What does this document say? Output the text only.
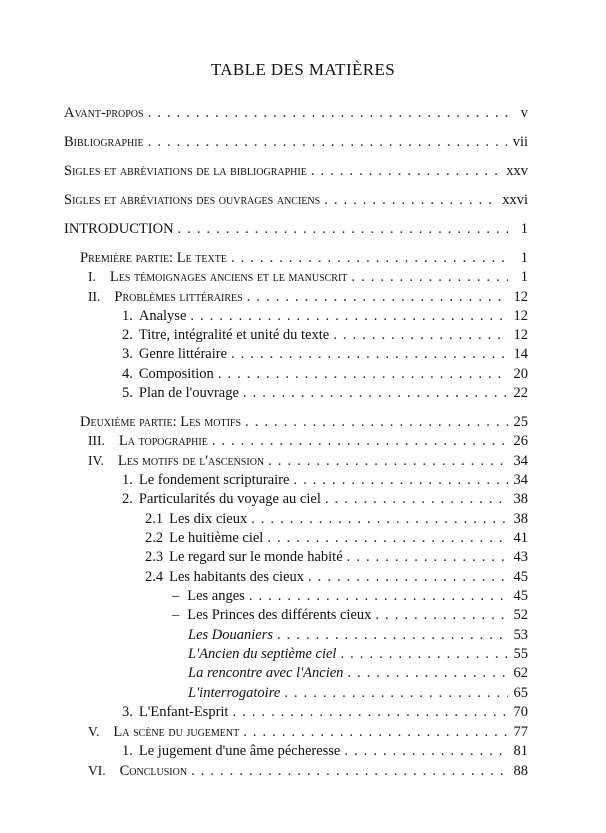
TABLE DES MATIÈRES
Avant-propos . . .	v
Bibliographie . . .	vii
Sigles et abréviations de la bibliographie . . .	xxv
Sigles et abréviations des ouvrages anciens . . .	xxvi
INTRODUCTION . . .	1
Première partie: Le texte . . .	1
I. Les témoignages anciens et le manuscrit . . .	1
II. Problèmes littéraires . . .	12
1. Analyse . . .	12
2. Titre, intégralité et unité du texte . . .	12
3. Genre littéraire . . .	14
4. Composition . . .	20
5. Plan de l'ouvrage . . .	22
Deuxième partie: Les motifs . . .	25
III. La topographie . . .	26
IV. Les motifs de l'ascension . . .	34
1. Le fondement scripturaire . . .	34
2. Particularités du voyage au ciel . . .	38
2.1 Les dix cieux . . .	38
2.2 Le huitième ciel . . .	41
2.3 Le regard sur le monde habité . . .	43
2.4 Les habitants des cieux . . .	45
– Les anges . . .	45
– Les Princes des différents cieux . . .	52
Les Douaniers . . .	53
L'Ancien du septième ciel . . .	55
La rencontre avec l'Ancien . . .	62
L'interrogatoire . . .	65
3. L'Enfant-Esprit . . .	70
V. La scène du jugement . . .	77
1. Le jugement d'une âme pécheresse . . .	81
VI. Conclusion . . .	88
